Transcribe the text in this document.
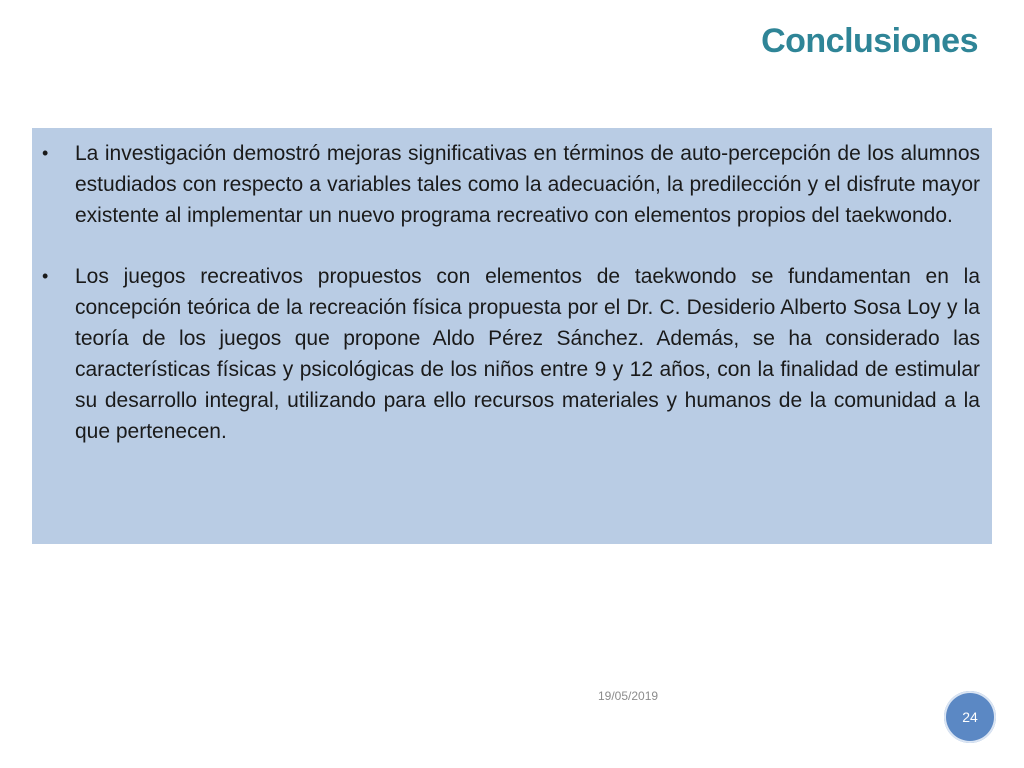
Conclusiones
• La investigación demostró mejoras significativas en términos de auto-percepción de los alumnos estudiados con respecto a variables tales como la adecuación, la predilección y el disfrute mayor existente al implementar un nuevo programa recreativo con elementos propios del taekwondo.
• Los juegos recreativos propuestos con elementos de taekwondo se fundamentan en la concepción teórica de la recreación física propuesta por el Dr. C. Desiderio Alberto Sosa Loy y la teoría de los juegos que propone Aldo Pérez Sánchez. Además, se ha considerado las características físicas y psicológicas de los niños entre 9 y 12 años, con la finalidad de estimular su desarrollo integral, utilizando para ello recursos materiales y humanos de la comunidad a la que pertenecen.
19/05/2019
24
